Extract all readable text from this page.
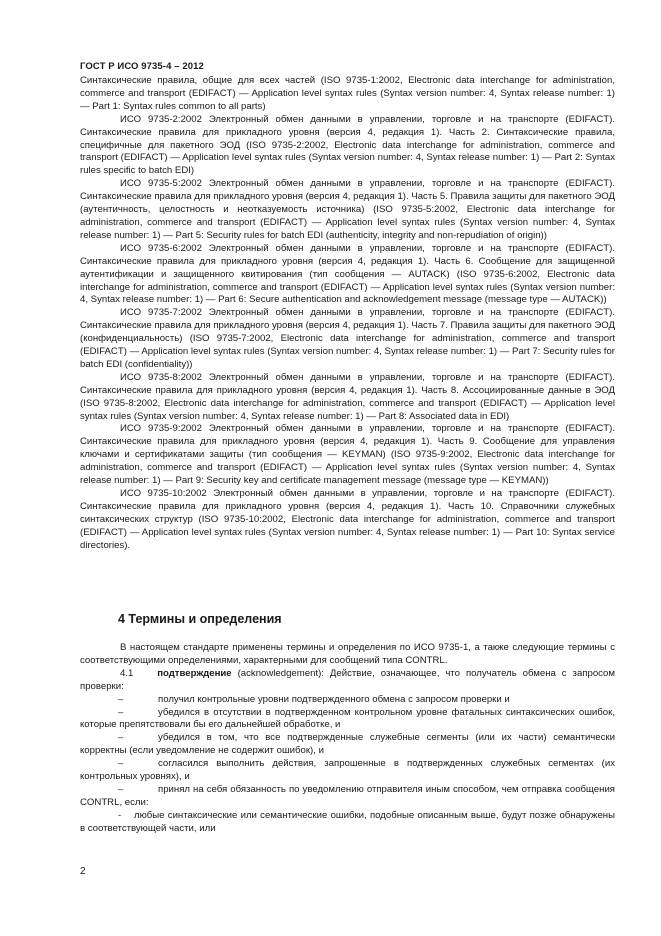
ГОСТ Р ИСО 9735-4 – 2012

Синтаксические правила, общие для всех частей (ISO 9735-1:2002, Electronic data interchange for administration, commerce and transport (EDIFACT) — Application level syntax rules (Syntax version number: 4, Syntax release number: 1) — Part 1: Syntax rules common to all parts)

ИСО 9735-2:2002 Электронный обмен данными в управлении, торговле и на транспорте (EDIFACT). Синтаксические правила для прикладного уровня (версия 4, редакция 1). Часть 2. Синтаксические правила, специфичные для пакетного ЭОД (ISO 9735-2:2002, Electronic data interchange for administration, commerce and transport (EDIFACT) — Application level syntax rules (Syntax version number: 4, Syntax release number: 1) — Part 2: Syntax rules specific to batch EDI)

ИСО 9735-5:2002 Электронный обмен данными в управлении, торговле и на транспорте (EDIFACT). Синтаксические правила для прикладного уровня (версия 4, редакция 1). Часть 5. Правила защиты для пакетного ЭОД (аутентичность, целостность и неотказуемость источника) (ISO 9735-5:2002, Electronic data interchange for administration, commerce and transport (EDIFACT) — Application level syntax rules (Syntax version number: 4, Syntax release number: 1) — Part 5: Security rules for batch EDI (authenticity, integrity and non-repudiation of origin))

ИСО 9735-6:2002 Электронный обмен данными в управлении, торговле и на транспорте (EDIFACT). Синтаксические правила для прикладного уровня (версия 4, редакция 1). Часть 6. Сообщение для защищенной аутентификации и защищенного квитирования (тип сообщения — AUTACK) (ISO 9735-6:2002, Electronic data interchange for administration, commerce and transport (EDIFACT) — Application level syntax rules (Syntax version number: 4, Syntax release number: 1) — Part 6: Secure authentication and acknowledgement message (message type — AUTACK))

ИСО 9735-7:2002 Электронный обмен данными в управлении, торговле и на транспорте (EDIFACT). Синтаксические правила для прикладного уровня (версия 4, редакция 1). Часть 7. Правила защиты для пакетного ЭОД (конфиденциальность) (ISO 9735-7:2002, Electronic data interchange for administration, commerce and transport (EDIFACT) — Application level syntax rules (Syntax version number: 4, Syntax release number: 1) — Part 7: Security rules for batch EDI (confidentiality))

ИСО 9735-8:2002 Электронный обмен данными в управлении, торговле и на транспорте (EDIFACT). Синтаксические правила для прикладного уровня (версия 4, редакция 1). Часть 8. Ассоциированные данные в ЭОД (ISO 9735-8:2002, Electronic data interchange for administration, commerce and transport (EDIFACT) — Application level syntax rules (Syntax version number: 4, Syntax release number: 1) — Part 8: Associated data in EDI)

ИСО 9735-9:2002 Электронный обмен данными в управлении, торговле и на транспорте (EDIFACT). Синтаксические правила для прикладного уровня (версия 4, редакция 1). Часть 9. Сообщение для управления ключами и сертификатами защиты (тип сообщения — KEYMAN) (ISO 9735-9:2002, Electronic data interchange for administration, commerce and transport (EDIFACT) — Application level syntax rules (Syntax version number: 4, Syntax release number: 1) — Part 9: Security key and certificate management message (message type — KEYMAN))

ИСО 9735-10:2002 Электронный обмен данными в управлении, торговле и на транспорте (EDIFACT). Синтаксические правила для прикладного уровня (версия 4, редакция 1). Часть 10. Справочники служебных синтаксических структур (ISO 9735-10:2002, Electronic data interchange for administration, commerce and transport (EDIFACT) — Application level syntax rules (Syntax version number: 4, Syntax release number: 1) — Part 10: Syntax service directories).

4 Термины и определения

В настоящем стандарте применены термины и определения по ИСО 9735-1, а также следующие термины с соответствующими определениями, характерными для сообщений типа CONTRL.

4.1 подтверждение (acknowledgement): Действие, означающее, что получатель обмена с запросом проверки:

–	получил контрольные уровни подтвержденного обмена с запросом проверки и

–	убедился в отсутствии в подтвержденном контрольном уровне фатальных синтаксических ошибок, которые препятствовали бы его дальнейшей обработке, и

–	убедился в том, что все подтвержденные служебные сегменты (или их части) семантически корректны (если уведомление не содержит ошибок), и

–	согласился выполнить действия, запрошенные в подтвержденных служебных сегментах (их контрольных уровнях), и

–	принял на себя обязанность по уведомлению отправителя иным способом, чем отправка сообщения CONTRL, если:

- любые синтаксические или семантические ошибки, подобные описанным выше, будут позже обнаружены в соответствующей части, или

2
